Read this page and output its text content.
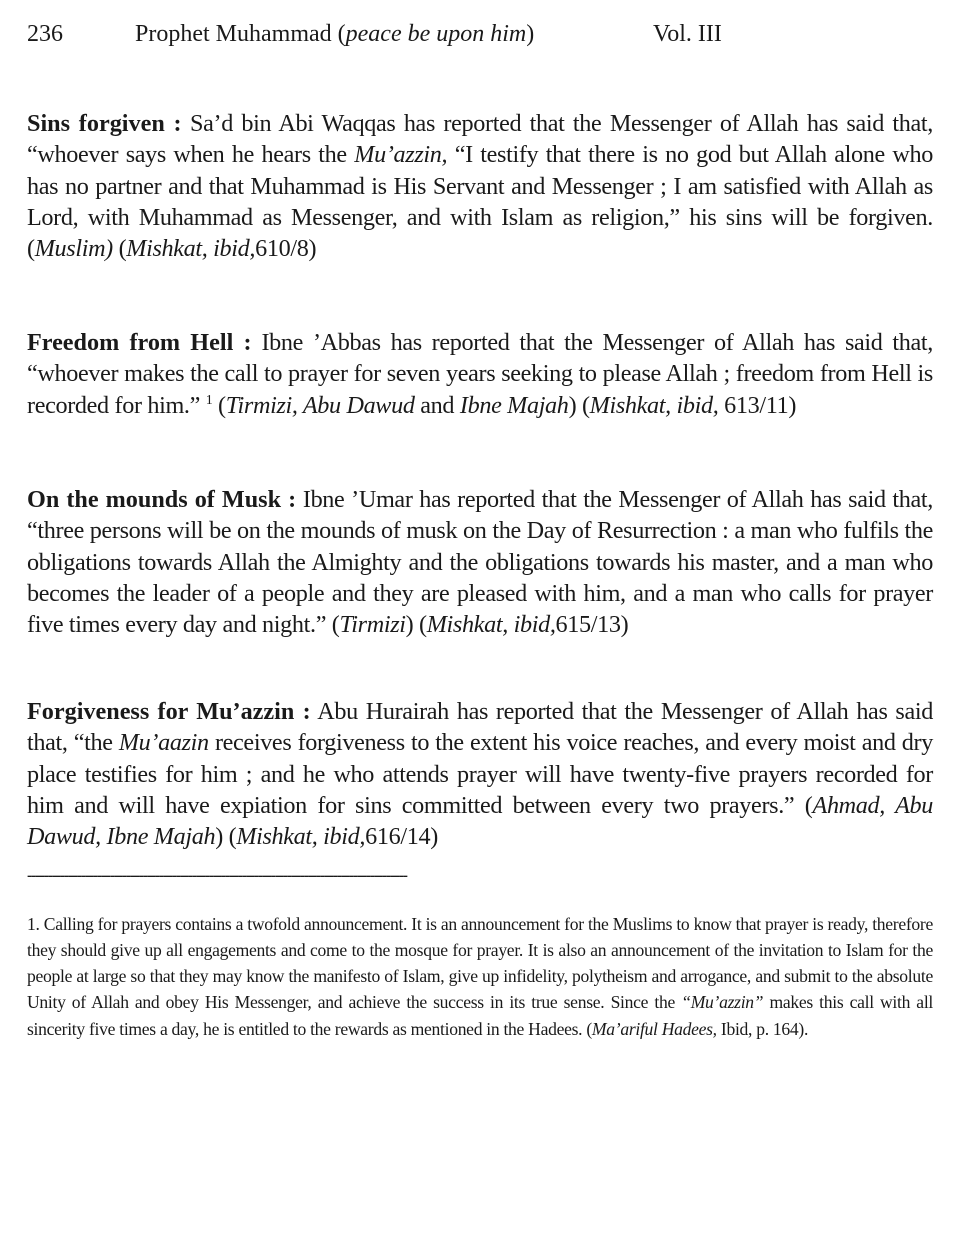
236	Prophet Muhammad (peace be upon him)	Vol. III

Sins forgiven : Sa’d bin Abi Waqqas has reported that the Messenger of Allah has said that, “whoever says when he hears the Mu’azzin, “I testify that there is no god but Allah alone who has no partner and that Muhammad is His Servant and Messenger ; I am satisfied with Allah as Lord, with Muhammad as Messenger, and with Islam as religion,” his sins will be forgiven. (Muslim) (Mishkat, ibid,610/8)

Freedom from Hell : Ibne ’Abbas has reported that the Messenger of Allah has said that, “whoever makes the call to prayer for seven years seeking to please Allah ; freedom from Hell is recorded for him.” $^1$ (Tirmizi, Abu Dawud and Ibne Majah) (Mishkat, ibid, 613/11)

On the mounds of Musk : Ibne ’Umar has reported that the Messenger of Allah has said that, “three persons will be on the mounds of musk on the Day of Resurrection : a man who fulfils the obligations towards Allah the Almighty and the obligations towards his master, and a man who becomes the leader of a people and they are pleased with him, and a man who calls for prayer five times every day and night.” (Tirmizi) (Mishkat, ibid,615/13)

Forgiveness for Mu’azzin : Abu Hurairah has reported that the Messenger of Allah has said that, “the Mu’aazin receives forgiveness to the extent his voice reaches, and every moist and dry place testifies for him ; and he who attends prayer will have twenty-five prayers recorded for him and will have expiation for sins committed between every two prayers.” (Ahmad, Abu Dawud, Ibne Majah) (Mishkat, ibid,616/14)

--------------------------------------------------------------------------------------------

1. Calling for prayers contains a twofold announcement. It is an announcement for the Muslims to know that prayer is ready, therefore they should give up all engagements and come to the mosque for prayer. It is also an announcement of the invitation to Islam for the people at large so that they may know the manifesto of Islam, give up infidelity, polytheism and arrogance, and submit to the absolute Unity of Allah and obey His Messenger, and achieve the success in its true sense. Since the “Mu’azzin” makes this call with all sincerity five times a day, he is entitled to the rewards as mentioned in the Hadees. (Ma’ariful Hadees, Ibid, p. 164).
